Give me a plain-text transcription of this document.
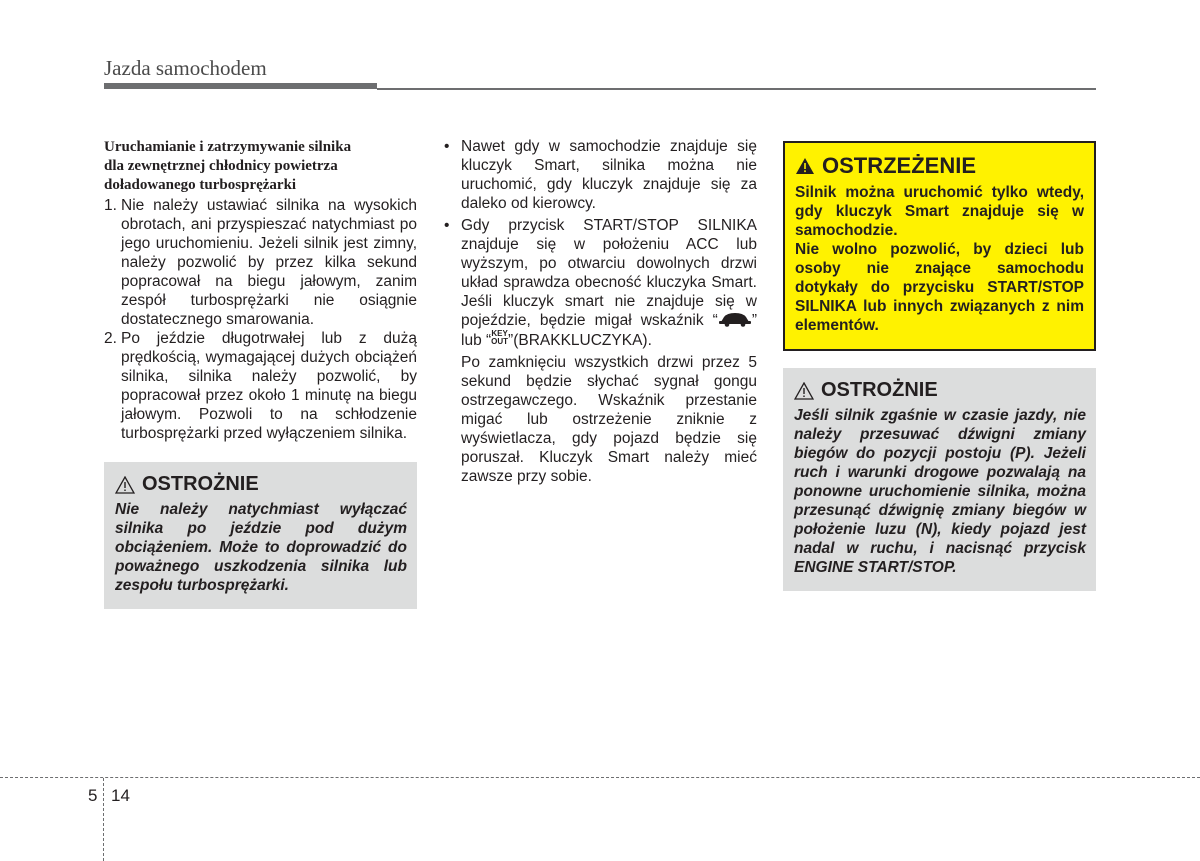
Jazda samochodem
Uruchamianie i zatrzymywanie silnika
dla zewnętrznej chłodnicy powietrza
doładowanego turbosprężarki
1. Nie należy ustawiać silnika na wysokich obrotach, ani przyspieszać natychmiast po jego uruchomieniu. Jeżeli silnik jest zimny, należy pozwolić by przez kilka sekund popracował na biegu jałowym, zanim zespół turbosprężarki nie osiągnie dostatecznego smarowania.
2. Po jeździe długotrwałej lub z dużą prędkością, wymagającej dużych obciążeń silnika, silnika należy pozwolić, by popracował przez około 1 minutę na biegu jałowym. Pozwoli to na schłodzenie turbosprężarki przed wyłączeniem silnika.
OSTROŻNIE
Nie należy natychmiast wyłączać silnika po jeździe pod dużym obciążeniem. Może to doprowadzić do poważnego uszkodzenia silnika lub zespołu turbosprężarki.
• Nawet gdy w samochodzie znajduje się kluczyk Smart, silnika można nie uruchomić, gdy kluczyk znajduje się za daleko od kierowcy.
• Gdy przycisk START/STOP SILNIKA znajduje się w położeniu ACC lub wyższym, po otwarciu dowolnych drzwi układ sprawdza obecność kluczyka Smart. Jeśli kluczyk smart nie znajduje się w pojeździe, będzie migał wskaźnik “ ” lub “KEY
OUT”(BRAKKLUCZYKA).
Po zamknięciu wszystkich drzwi przez 5 sekund będzie słychać sygnał gongu ostrzegawczego. Wskaźnik przestanie migać lub ostrzeżenie zniknie z wyświetlacza, gdy pojazd będzie się poruszał. Kluczyk Smart należy mieć zawsze przy sobie.
OSTRZEŻENIE
Silnik można uruchomić tylko wtedy, gdy kluczyk Smart znajduje się w samochodzie.
Nie wolno pozwolić, by dzieci lub osoby nie znające samochodu dotykały do przycisku START/STOP SILNIKA lub innych związanych z nim elementów.
OSTROŻNIE
Jeśli silnik zgaśnie w czasie jazdy, nie należy przesuwać dźwigni zmiany biegów do pozycji postoju (P). Jeżeli ruch i warunki drogowe pozwalają na ponowne uruchomienie silnika, można przesunąć dźwignię zmiany biegów w położenie luzu (N), kiedy pojazd jest nadal w ruchu, i nacisnąć przycisk ENGINE START/STOP.
5 14
